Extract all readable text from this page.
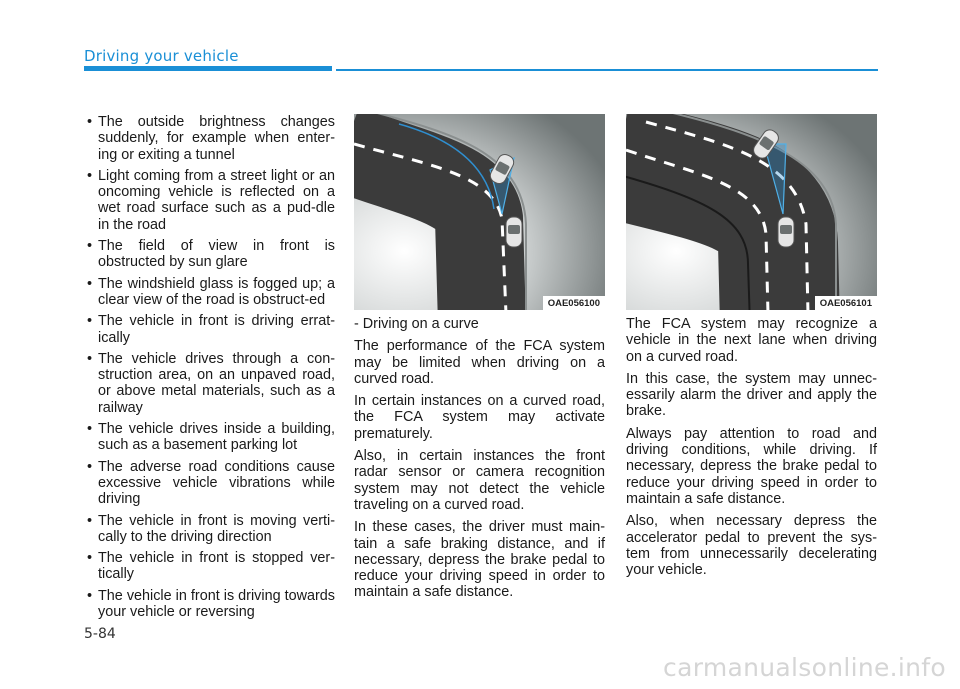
Driving your vehicle
• The outside brightness changes suddenly, for example when enter-ing or exiting a tunnel
• Light coming from a street light or an oncoming vehicle is reflected on a wet road surface such as a pud-dle in the road
• The field of view in front is obstructed by sun glare
• The windshield glass is fogged up; a clear view of the road is obstruct-ed
• The vehicle in front is driving errat-ically
• The vehicle drives through a con-struction area, on an unpaved road, or above metal materials, such as a railway
• The vehicle drives inside a building, such as a basement parking lot
• The adverse road conditions cause excessive vehicle vibrations while driving
• The vehicle in front is moving verti-cally to the driving direction
• The vehicle in front is stopped ver-tically
• The vehicle in front is driving towards your vehicle or reversing
OAE056100	OAE056101

- Driving on a curve

The performance of the FCA system may be limited when driving on a curved road.

In certain instances on a curved road, the FCA system may activate prematurely.

Also, in certain instances the front radar sensor or camera recognition system may not detect the vehicle traveling on a curved road.

In these cases, the driver must main-tain a safe braking distance, and if necessary, depress the brake pedal to reduce your driving speed in order to maintain a safe distance.

The FCA system may recognize a vehicle in the next lane when driving on a curved road.

In this case, the system may unnec-essarily alarm the driver and apply the brake.

Always pay attention to road and driving conditions, while driving. If necessary, depress the brake pedal to reduce your driving speed in order to maintain a safe distance.

Also, when necessary depress the accelerator pedal to prevent the sys-tem from unnecessarily decelerating your vehicle.

5-84
carmanualsonline.info
